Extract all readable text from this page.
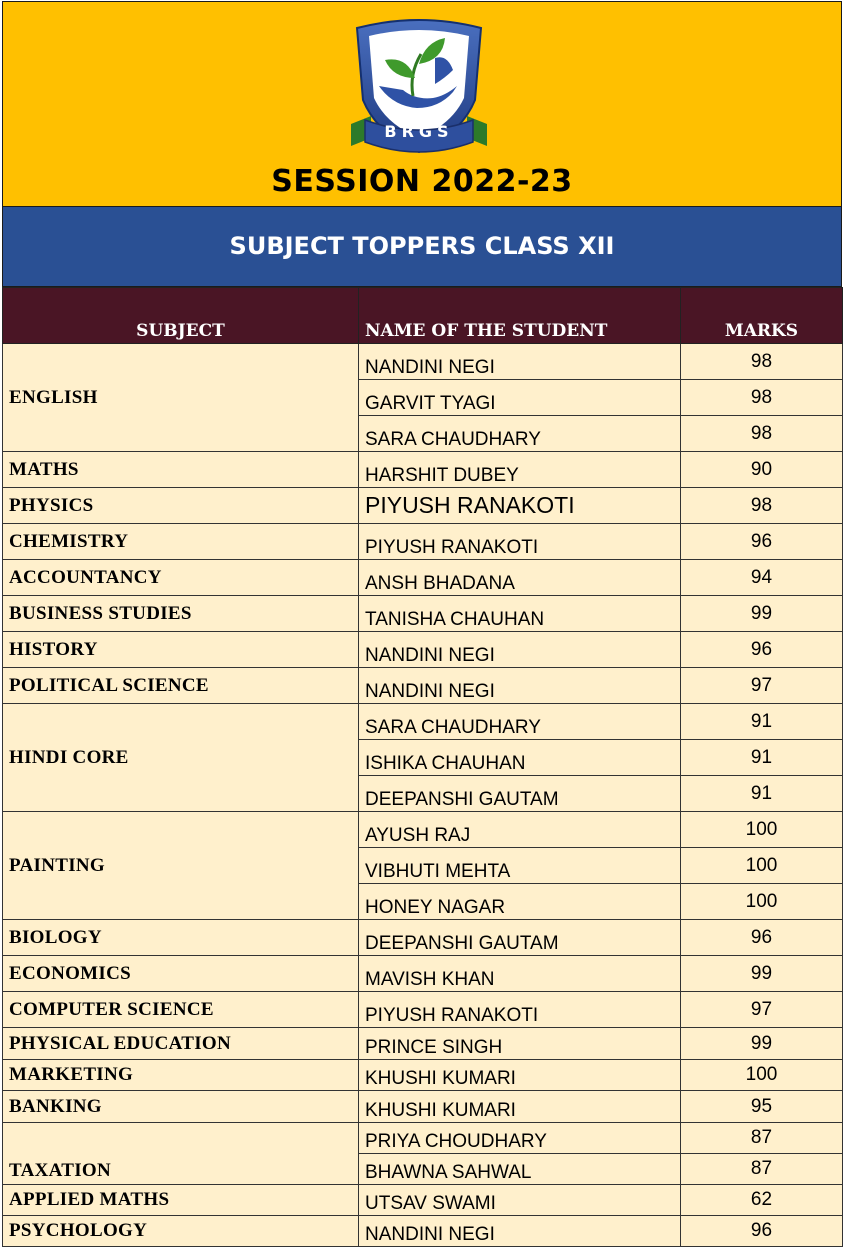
BRGS
SESSION 2022-23
SUBJECT TOPPERS CLASS XII
SUBJECT	NAME OF THE STUDENT	MARKS
ENGLISH	NANDINI NEGI	98
	GARVIT TYAGI	98
	SARA CHAUDHARY	98
MATHS	HARSHIT DUBEY	90
PHYSICS	PIYUSH RANAKOTI	98
CHEMISTRY	PIYUSH RANAKOTI	96
ACCOUNTANCY	ANSH BHADANA	94
BUSINESS STUDIES	TANISHA CHAUHAN	99
HISTORY	NANDINI NEGI	96
POLITICAL SCIENCE	NANDINI NEGI	97
HINDI CORE	SARA CHAUDHARY	91
	ISHIKA CHAUHAN	91
	DEEPANSHI GAUTAM	91
PAINTING	AYUSH RAJ	100
	VIBHUTI MEHTA	100
	HONEY NAGAR	100
BIOLOGY	DEEPANSHI GAUTAM	96
ECONOMICS	MAVISH KHAN	99
COMPUTER SCIENCE	PIYUSH RANAKOTI	97
PHYSICAL EDUCATION	PRINCE SINGH	99
MARKETING	KHUSHI KUMARI	100
BANKING	KHUSHI KUMARI	95
TAXATION	PRIYA CHOUDHARY	87
	BHAWNA SAHWAL	87
APPLIED MATHS	UTSAV SWAMI	62
PSYCHOLOGY	NANDINI NEGI	96
